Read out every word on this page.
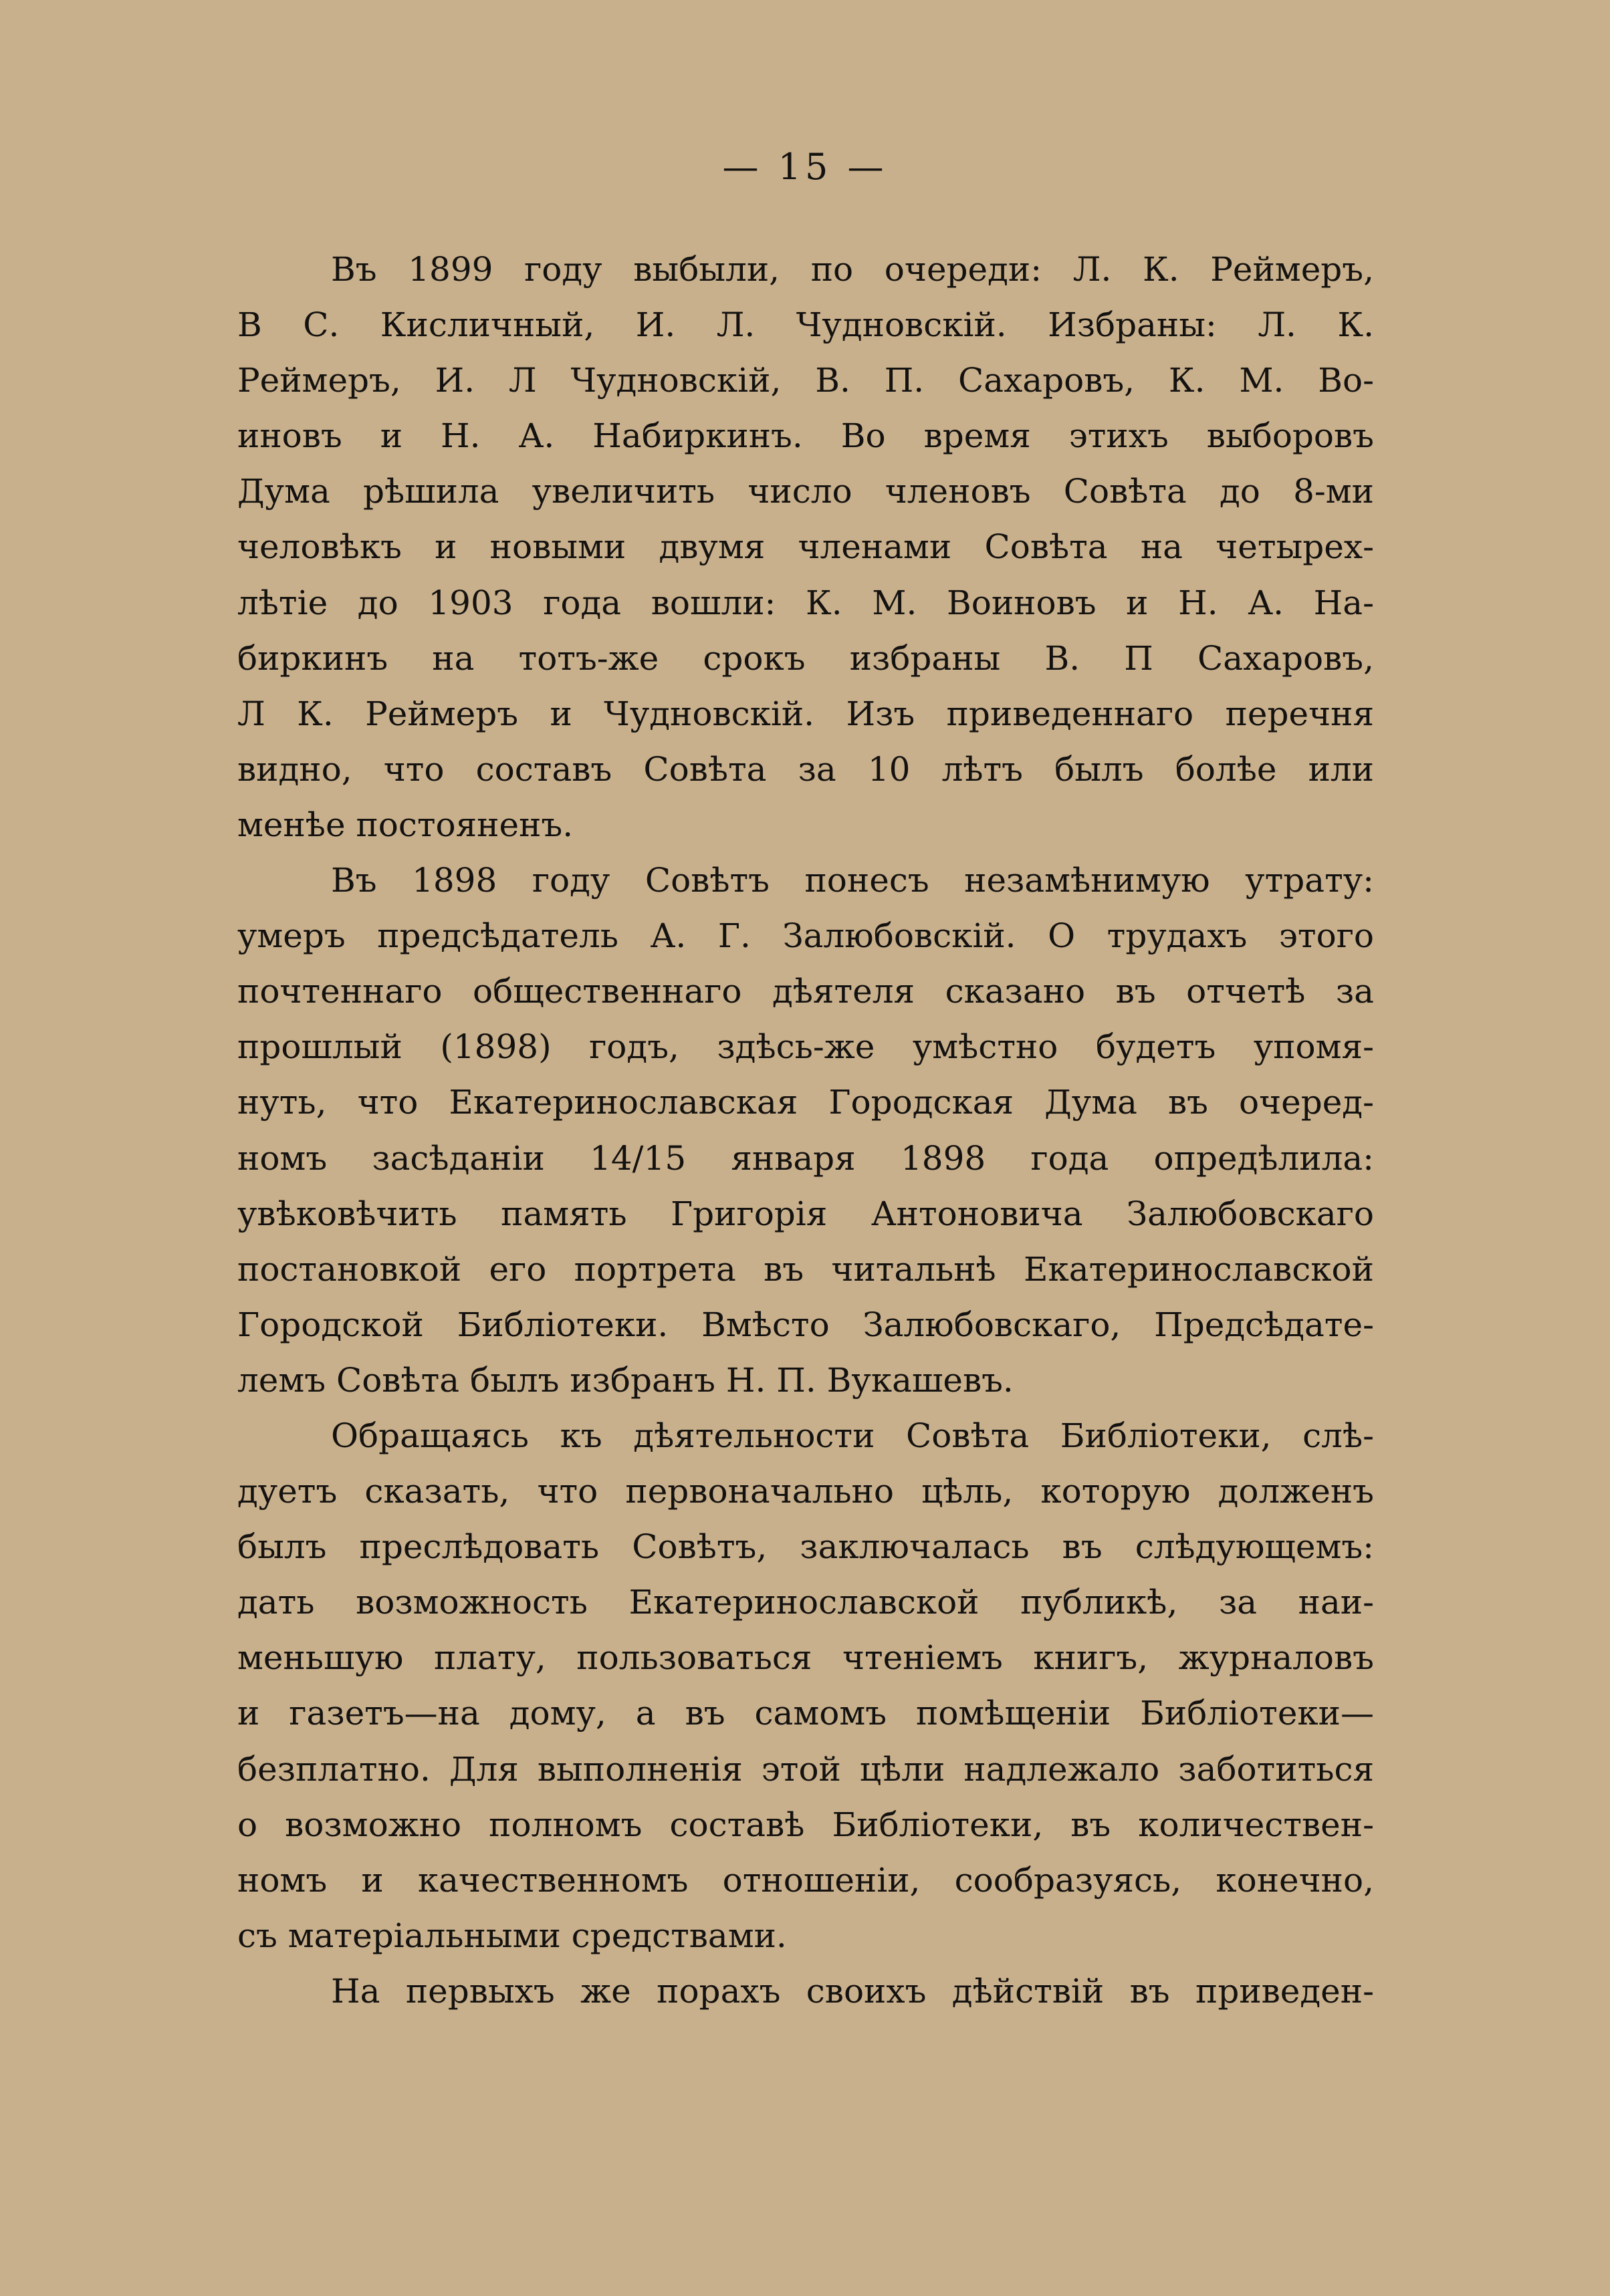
— 15 —
Въ 1899 году выбыли, по очереди: Л. К. Реймеръ,
В С. Кисличный, И. Л. Чудновскій. Избраны: Л. К.
Реймеръ, И. Л Чудновскій, В. П. Сахаровъ, К. М. Во-
иновъ и Н. А. Набиркинъ. Во время этихъ выборовъ
Дума рѣшила увеличить число членовъ Совѣта до 8-ми
человѣкъ и новыми двумя членами Совѣта на четырех-
лѣтіе до 1903 года вошли: К. М. Воиновъ и Н. А. На-
биркинъ на тотъ-же срокъ избраны В. П Сахаровъ,
Л К. Реймеръ и Чудновскій. Изъ приведеннаго перечня
видно, что составъ Совѣта за 10 лѣтъ былъ болѣе или
менѣе постояненъ.
Въ 1898 году Совѣтъ понесъ незамѣнимую утрату:
умеръ предсѣдатель А. Г. Залюбовскій. О трудахъ этого
почтеннаго общественнаго дѣятеля сказано въ отчетѣ за
прошлый (1898) годъ, здѣсь-же умѣстно будетъ упомя-
нуть, что Екатеринославская Городская Дума въ очеред-
номъ засѣданіи 14/15 января 1898 года опредѣлила:
увѣковѣчить память Григорія Антоновича Залюбовскаго
постановкой его портрета въ читальнѣ Екатеринославской
Городской Библіотеки. Вмѣсто Залюбовскаго, Предсѣдате-
лемъ Совѣта былъ избранъ Н. П. Вукашевъ.
Обращаясь къ дѣятельности Совѣта Библіотеки, слѣ-
дуетъ сказать, что первоначально цѣль, которую долженъ
былъ преслѣдовать Совѣтъ, заключалась въ слѣдующемъ:
дать возможность Екатеринославской публикѣ, за наи-
меньшую плату, пользоваться чтеніемъ книгъ, журналовъ
и газетъ—на дому, а въ самомъ помѣщеніи Библіотеки—
безплатно. Для выполненія этой цѣли надлежало заботиться
о возможно полномъ составѣ Библіотеки, въ количествен-
номъ и качественномъ отношеніи, сообразуясь, конечно,
съ матеріальными средствами.
На первыхъ же порахъ своихъ дѣйствій въ приведен-
